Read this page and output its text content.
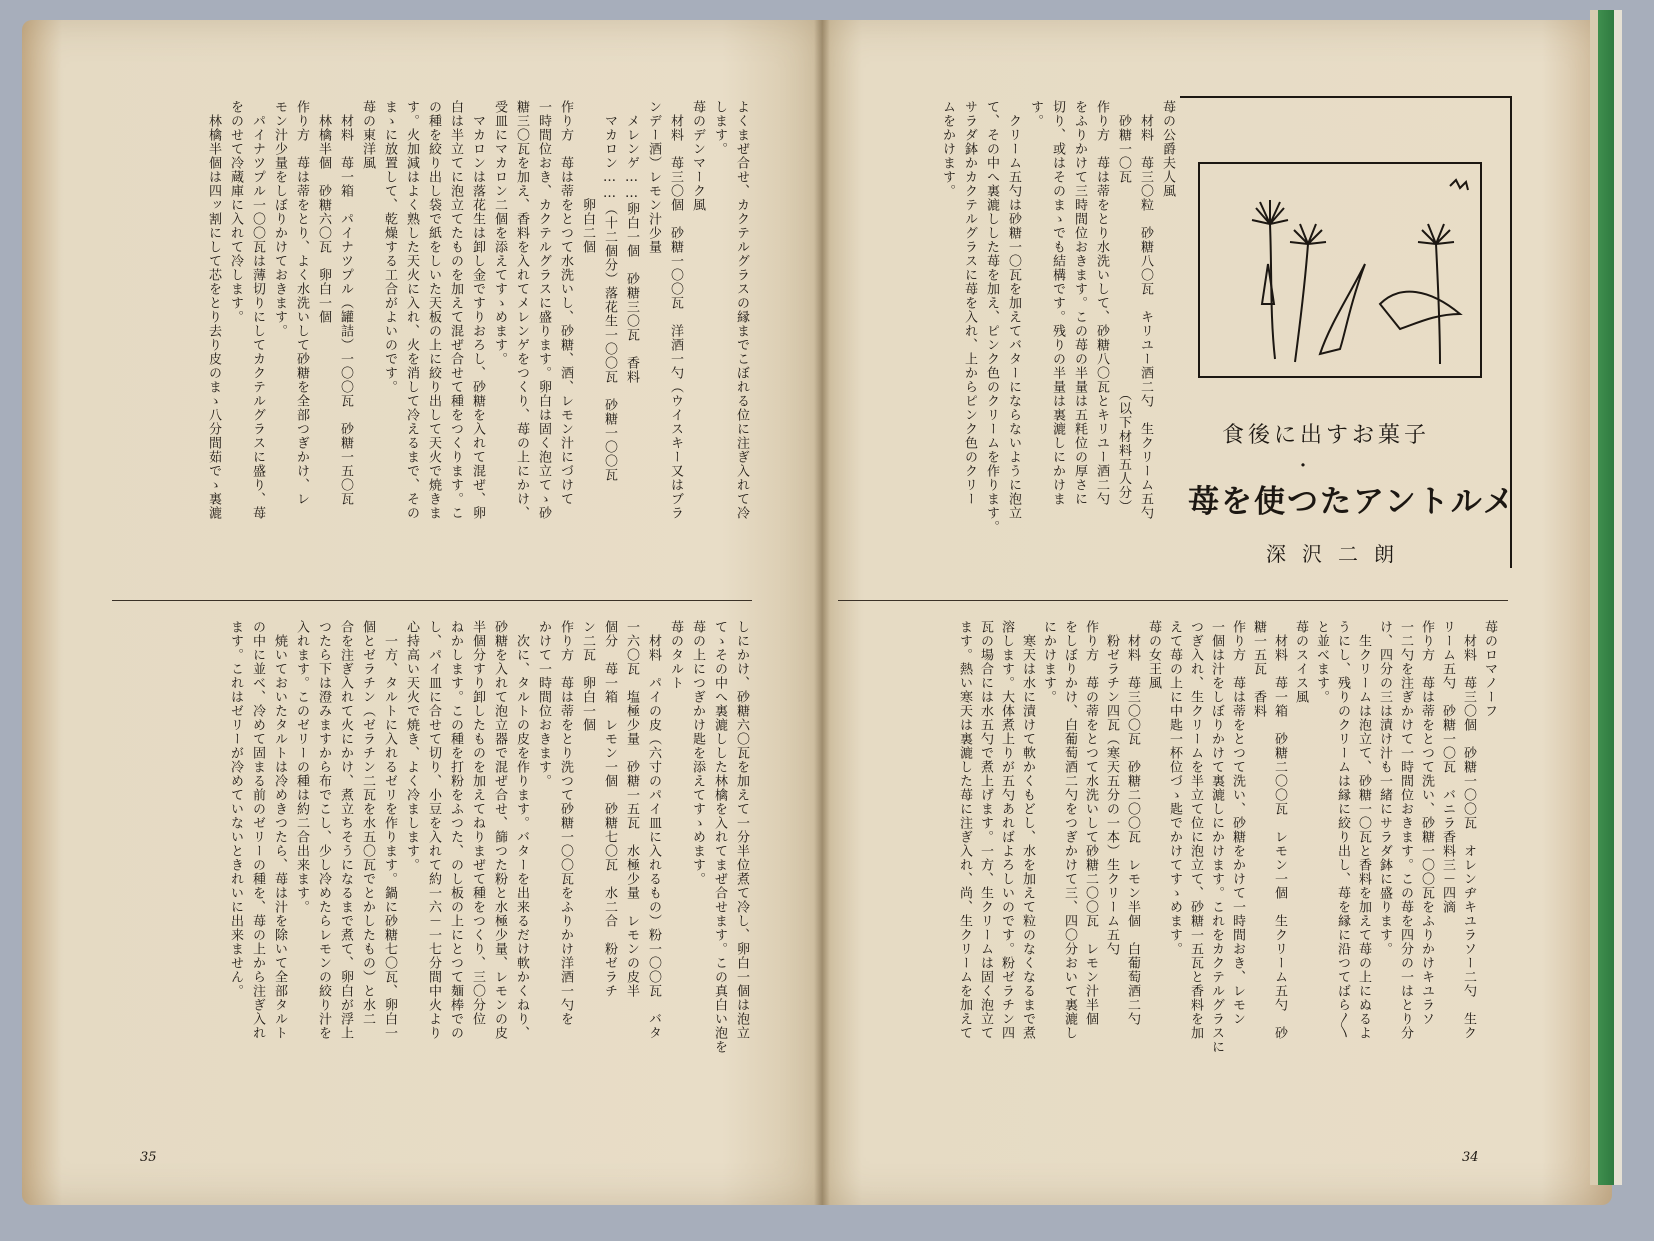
食後に出すお菓子
・
苺を使つたアントルメ
深沢二朗
苺の公爵夫人風
　材料　苺三〇粒　砂糖八〇瓦　キリユー酒二勺　生クリーム五勺
　砂糖一〇瓦　　　　　　　　　　　　　　　（以下材料五人分）
作り方　苺は蒂をとり水洗いして、砂糖八〇瓦とキリユー酒二勺
をふりかけて三時間位おきます。この苺の半量は五粍位の厚さに
切り、或はそのまゝでも結構です。残りの半量は裏漉しにかけま
す。
　クリーム五勺は砂糖一〇瓦を加えてバターにならないように泡立
て、その中へ裏漉しした苺を加え、ピンク色のクリームを作ります。
サラダ鉢かカクテルグラスに苺を入れ、上からピンク色のクリー
ムをかけます。
苺のロマノーフ
　材料　苺三〇個　砂糖一〇〇瓦　オレンヂキユラソー二勺　生ク
リーム五勺　砂糖一〇瓦　バニラ香料三－四滴
作り方　苺は蒂をとつて洗い、砂糖一〇〇瓦をふりかけキユラソ
一二勺を注ぎかけて一時間位おきます。この苺を四分の一はとり分
け、四分の三は漬け汁も一緒にサラダ鉢に盛ります。
　生クリームは泡立て、砂糖一〇瓦と香料を加えて苺の上にぬるよ
うにし、残りのクリームは縁に絞り出し、苺を縁に沿つてばら〳〵
と並べます。
苺のスイス風
　材料　苺一箱　砂糖二〇〇瓦　レモン一個　生クリーム五勺　砂
糖一五瓦　香料
作り方　苺は蒂をとつて洗い、砂糖をかけて一時間おき、レモン
一個は汁をしぼりかけて裏漉しにかけます。これをカクテルグラスに
つぎ入れ、生クリームを半立て位に泡立て、砂糖一五瓦と香料を加
えて苺の上に中匙一杯位づゝ匙でかけてすゝめます。
苺の女王風
　材料　苺三〇〇瓦　砂糖二〇〇瓦　レモン半個　白葡萄酒二勺
　粉ゼラチン四瓦（寒天五分の一本）生クリーム五勺
作り方　苺の蒂をとつて水洗いして砂糖二〇〇瓦　レモン汁半個
をしぼりかけ、白葡萄酒二勺をつぎかけて三、四〇分おいて裏漉し
にかけます。
　寒天は水に漬けて軟かくもどし、水を加えて粒のなくなるまで煮
溶します。大体煮上りが五勺あればよろしいのです。粉ゼラチン四
瓦の場合には水五勺で煮上げます。一方、生クリームは固く泡立て
ます。熱い寒天は裏漉した苺に注ぎ入れ、尚、生クリームを加えて
34
よくまぜ合せ、カクテルグラスの縁までこぼれる位に注ぎ入れて冷
します。
苺のデンマーク風
　材料　苺三〇個　砂糖一〇〇瓦　洋酒一勺（ウイスキー又はブラ
ンデー酒）レモン汁少量
　メレンゲ……卵白一個　砂糖三〇瓦　香料
　マカロン……（十二個分）落花生一〇〇瓦　砂糖一〇〇瓦
　　　　　　　卵白二個
作り方　苺は蒂をとつて水洗いし、砂糖、酒、レモン汁にづけて
一時間位おき、カクテルグラスに盛ります。卵白は固く泡立てゝ砂
糖三〇瓦を加え、香料を入れてメレンゲをつくり、苺の上にかけ、
受皿にマカロン二個を添えてすゝめます。
　マカロンは落花生は卸し金ですりおろし、砂糖を入れて混ぜ、卵
白は半立てに泡立てたものを加えて混ぜ合せて種をつくります。こ
の種を絞り出し袋で紙をしいた天板の上に絞り出して天火で焼きま
す。火加減はよく熟した天火に入れ、火を消して冷えるまで、その
まゝに放置して、乾燥する工合がよいのです。
苺の東洋風
　材料　苺一箱　パイナツプル（罐詰）一〇〇瓦　砂糖一五〇瓦
　林檎半個　砂糖六〇瓦　卵白一個
作り方　苺は蒂をとり、よく水洗いして砂糖を全部つぎかけ、レ
モン汁少量をしぼりかけておきます。
　パイナツプル一〇〇瓦は薄切りにしてカクテルグラスに盛り、苺
をのせて冷蔵庫に入れて冷します。
　林檎半個は四ッ割にして芯をとり去り皮のまゝ八分間茹でゝ裏漉
しにかけ、砂糖六〇瓦を加えて一分半位煮て冷し、卵白一個は泡立
てゝその中へ裏漉しした林檎を入れてまぜ合せます。この真白い泡を
苺の上につぎかけ匙を添えてすゝめます。
苺のタルト
　材料　パイの皮（六寸のパイ皿に入れるもの）粉一〇〇瓦　バタ
一六〇瓦　塩極少量　砂糖一五瓦　水極少量　レモンの皮半
個分　苺一箱　レモン一個　砂糖七〇瓦　水二合　粉ゼラチ
ン二瓦　卵白一個
作り方　苺は蒂をとり洗つて砂糖一〇〇瓦をふりかけ洋酒一勺を
かけて一時間位おきます。
　次に、タルトの皮を作ります。バターを出来るだけ軟かくねり、
砂糖を入れて泡立器で混ぜ合せ、篩つた粉と水極少量、レモンの皮
半個分すり卸したものを加えてねりまぜて種をつくり、三〇分位
ねかします。この種を打粉をふつた、のし板の上にとつて麺棒での
し、パイ皿に合せて切り、小豆を入れて約一六－一七分間中火より
心持高い天火で焼き、よく冷まします。
　一方、タルトに入れるゼリを作ります。鍋に砂糖七〇瓦、卵白一
個とゼラチン（ゼラチン二瓦を水五〇瓦でとかしたもの）と水二
合を注ぎ入れて火にかけ、煮立ちそうになるまで煮て、卵白が浮上
つたら下は澄みますから布でこし、少し冷めたらレモンの絞り汁を
入れます。このゼリーの種は約二合出来ます。
　焼いておいたタルトは冷めきつたら、苺は汁を除いて全部タルト
の中に並べ、冷めて固まる前のゼリーの種を、苺の上から注ぎ入れ
ます。これはゼリーが冷めていないときれいに出来ません。
35
